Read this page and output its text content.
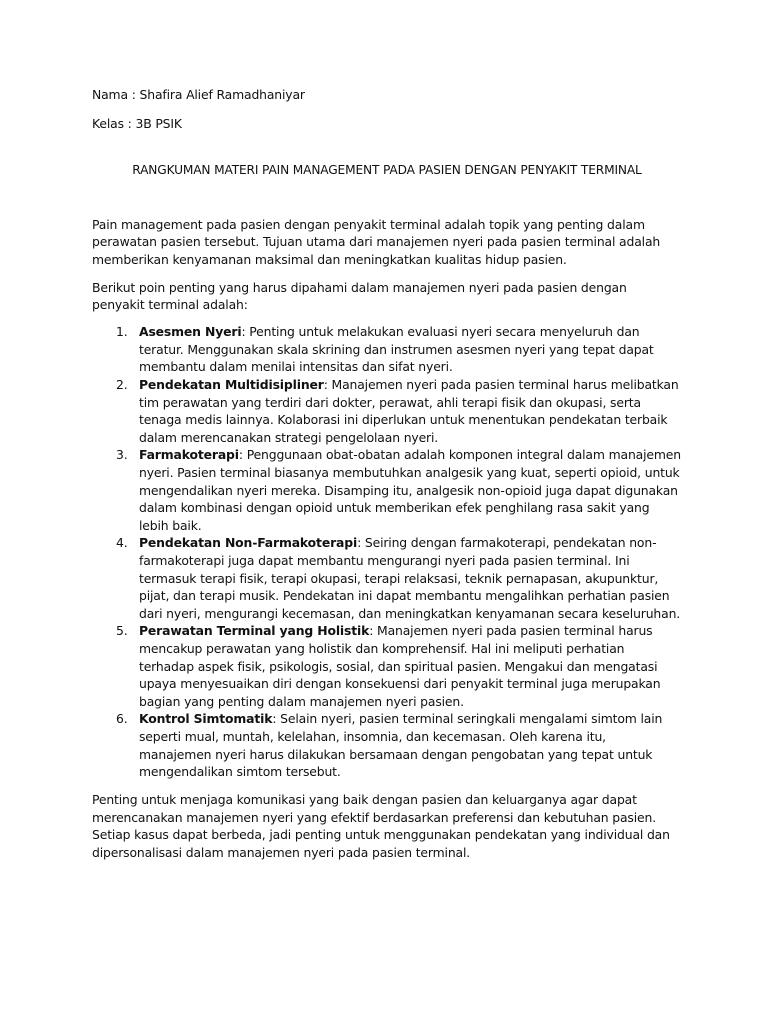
Nama : Shafira Alief Ramadhaniyar

Kelas : 3B PSIK

RANGKUMAN MATERI PAIN MANAGEMENT PADA PASIEN DENGAN PENYAKIT TERMINAL

Pain management pada pasien dengan penyakit terminal adalah topik yang penting dalam perawatan pasien tersebut. Tujuan utama dari manajemen nyeri pada pasien terminal adalah memberikan kenyamanan maksimal dan meningkatkan kualitas hidup pasien.

Berikut poin penting yang harus dipahami dalam manajemen nyeri pada pasien dengan penyakit terminal adalah:

1. Asesmen Nyeri: Penting untuk melakukan evaluasi nyeri secara menyeluruh dan teratur. Menggunakan skala skrining dan instrumen asesmen nyeri yang tepat dapat membantu dalam menilai intensitas dan sifat nyeri.
2. Pendekatan Multidisipliner: Manajemen nyeri pada pasien terminal harus melibatkan tim perawatan yang terdiri dari dokter, perawat, ahli terapi fisik dan okupasi, serta tenaga medis lainnya. Kolaborasi ini diperlukan untuk menentukan pendekatan terbaik dalam merencanakan strategi pengelolaan nyeri.
3. Farmakoterapi: Penggunaan obat-obatan adalah komponen integral dalam manajemen nyeri. Pasien terminal biasanya membutuhkan analgesik yang kuat, seperti opioid, untuk mengendalikan nyeri mereka. Disamping itu, analgesik non-opioid juga dapat digunakan dalam kombinasi dengan opioid untuk memberikan efek penghilang rasa sakit yang lebih baik.
4. Pendekatan Non-Farmakoterapi: Seiring dengan farmakoterapi, pendekatan non-farmakoterapi juga dapat membantu mengurangi nyeri pada pasien terminal. Ini termasuk terapi fisik, terapi okupasi, terapi relaksasi, teknik pernapasan, akupunktur, pijat, dan terapi musik. Pendekatan ini dapat membantu mengalihkan perhatian pasien dari nyeri, mengurangi kecemasan, dan meningkatkan kenyamanan secara keseluruhan.
5. Perawatan Terminal yang Holistik: Manajemen nyeri pada pasien terminal harus mencakup perawatan yang holistik dan komprehensif. Hal ini meliputi perhatian terhadap aspek fisik, psikologis, sosial, dan spiritual pasien. Mengakui dan mengatasi upaya menyesuaikan diri dengan konsekuensi dari penyakit terminal juga merupakan bagian yang penting dalam manajemen nyeri pasien.
6. Kontrol Simtomatik: Selain nyeri, pasien terminal seringkali mengalami simtom lain seperti mual, muntah, kelelahan, insomnia, dan kecemasan. Oleh karena itu, manajemen nyeri harus dilakukan bersamaan dengan pengobatan yang tepat untuk mengendalikan simtom tersebut.

Penting untuk menjaga komunikasi yang baik dengan pasien dan keluarganya agar dapat merencanakan manajemen nyeri yang efektif berdasarkan preferensi dan kebutuhan pasien. Setiap kasus dapat berbeda, jadi penting untuk menggunakan pendekatan yang individual dan dipersonalisasi dalam manajemen nyeri pada pasien terminal.
